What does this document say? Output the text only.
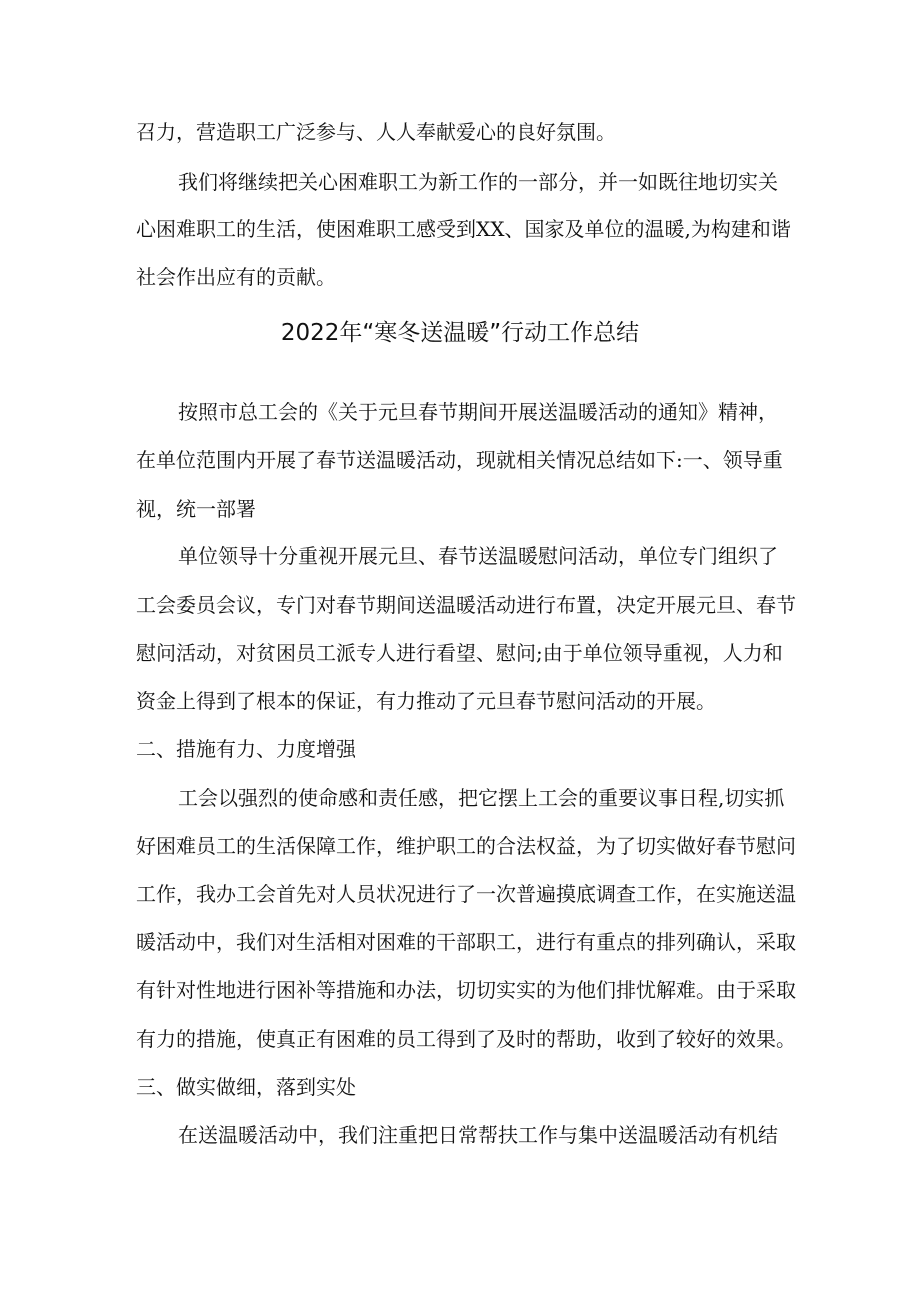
召力，营造职工广泛参与、人人奉献爱心的良好氛围。
我们将继续把关心困难职工为新工作的一部分，并一如既往地切实关
心困难职工的生活，使困难职工感受到XX、国家及单位的温暖,为构建和谐
社会作出应有的贡献。
2022年“寒冬送温暖”行动工作总结
按照市总工会的《关于元旦春节期间开展送温暖活动的通知》精神，
在单位范围内开展了春节送温暖活动，现就相关情况总结如下:一、领导重
视，统一部署
单位领导十分重视开展元旦、春节送温暖慰问活动，单位专门组织了
工会委员会议，专门对春节期间送温暖活动进行布置，决定开展元旦、春节
慰问活动，对贫困员工派专人进行看望、慰问;由于单位领导重视，人力和
资金上得到了根本的保证，有力推动了元旦春节慰问活动的开展。
二、措施有力、力度增强
工会以强烈的使命感和责任感，把它摆上工会的重要议事日程,切实抓
好困难员工的生活保障工作，维护职工的合法权益，为了切实做好春节慰问
工作，我办工会首先对人员状况进行了一次普遍摸底调查工作，在实施送温
暖活动中，我们对生活相对困难的干部职工，进行有重点的排列确认，采取
有针对性地进行困补等措施和办法，切切实实的为他们排忧解难。由于采取
有力的措施，使真正有困难的员工得到了及时的帮助，收到了较好的效果。
三、做实做细，落到实处
在送温暖活动中，我们注重把日常帮扶工作与集中送温暖活动有机结
